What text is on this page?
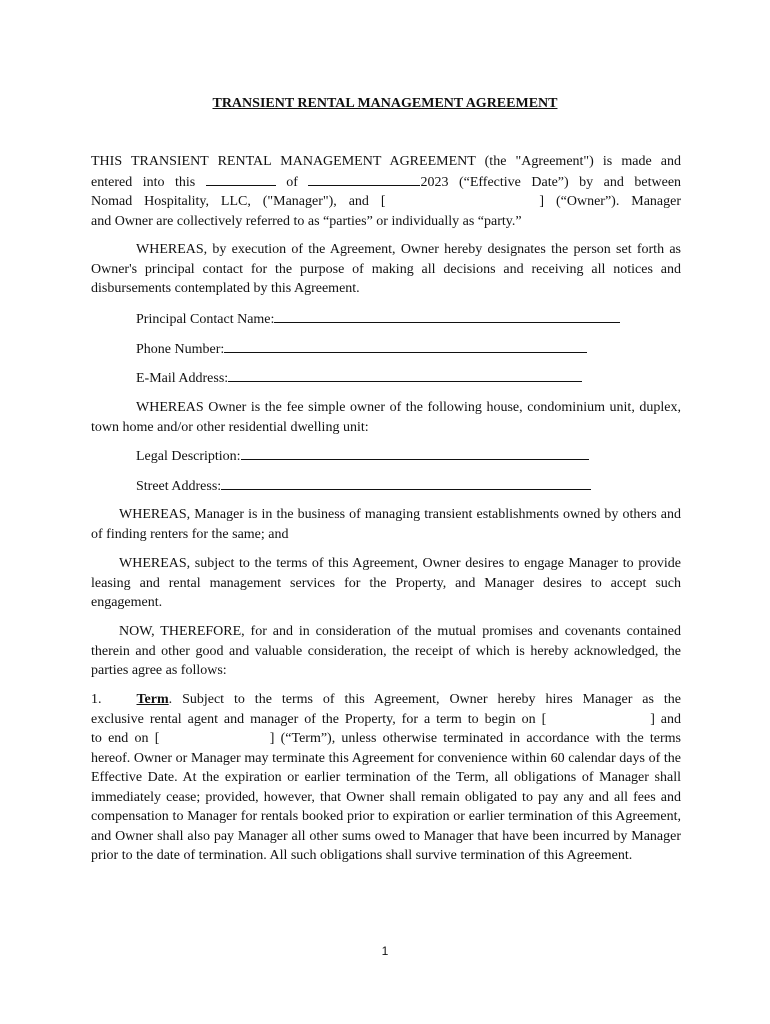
TRANSIENT RENTAL MANAGEMENT AGREEMENT
THIS TRANSIENT RENTAL MANAGEMENT AGREEMENT (the "Agreement") is made and
entered into this	of	2023 (“Effective Date”) by and between
Nomad Hospitality, LLC, ("Manager"), and [	] (“Owner”). Manager
and Owner are collectively referred to as “parties” or individually as “party.”
WHEREAS, by execution of the Agreement, Owner hereby designates the person set forth as Owner's principal contact for the purpose of making all decisions and receiving all notices and disbursements contemplated by this Agreement.
Principal Contact Name:
Phone Number:
E-Mail Address:
WHEREAS Owner is the fee simple owner of the following house, condominium unit, duplex, town home and/or other residential dwelling unit:
Legal Description:
Street Address:
WHEREAS, Manager is in the business of managing transient establishments owned by others and of finding renters for the same; and
WHEREAS, subject to the terms of this Agreement, Owner desires to engage Manager to provide leasing and rental management services for the Property, and Manager desires to accept such engagement.
NOW, THEREFORE, for and in consideration of the mutual promises and covenants contained therein and other good and valuable consideration, the receipt of which is hereby acknowledged, the parties agree as follows:
1.	Term. Subject to the terms of this Agreement, Owner hereby hires Manager as the
exclusive rental agent and manager of the Property, for a term to begin on [	] and
to end on [	] (“Term”), unless otherwise terminated in accordance with the terms
hereof. Owner or Manager may terminate this Agreement for convenience within 60 calendar days of the Effective Date. At the expiration or earlier termination of the Term, all obligations of Manager shall immediately cease; provided, however, that Owner shall remain obligated to pay any and all fees and compensation to Manager for rentals booked prior to expiration or earlier termination of this Agreement, and Owner shall also pay Manager all other sums owed to Manager that have been incurred by Manager prior to the date of termination. All such obligations shall survive termination of this Agreement.
1
